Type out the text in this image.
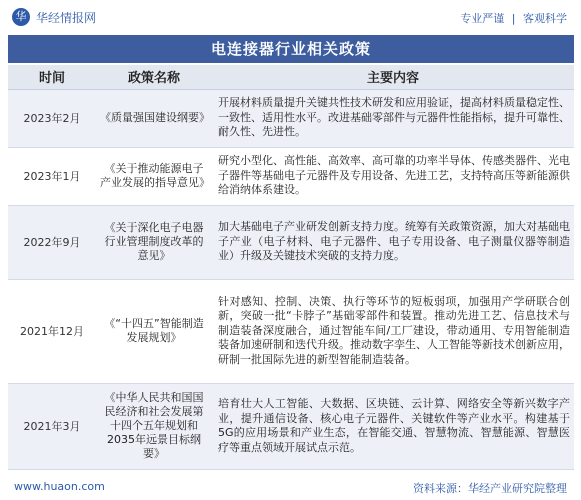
华 华经情报网	专业严谨 | 客观科学
电连接器行业相关政策
时间	政策名称	主要内容
2023年2月	《质量强国建设纲要》	开展材料质量提升关键共性技术研发和应用验证，提高材料质量稳定性、一致性、适用性水平。改进基础零部件与元器件性能指标，提升可靠性、耐久性、先进性。
2023年1月	《关于推动能源电子产业发展的指导意见》	研究小型化、高性能、高效率、高可靠的功率半导体、传感类器件、光电子器件等基础电子元器件及专用设备、先进工艺，支持特高压等新能源供给消纳体系建设。
2022年9月	《关于深化电子电器行业管理制度改革的意见》	加大基础电子产业研发创新支持力度。统筹有关政策资源，加大对基础电子产业（电子材料、电子元器件、电子专用设备、电子测量仪器等制造业）升级及关键技术突破的支持力度。
2021年12月	《“十四五”智能制造发展规划》	针对感知、控制、决策、执行等环节的短板弱项，加强用产学研联合创新，突破一批“卡脖子”基础零部件和装置。推动先进工艺、信息技术与制造装备深度融合，通过智能车间/工厂建设，带动通用、专用智能制造装备加速研制和迭代升级。推动数字孪生、人工智能等新技术创新应用，研制一批国际先进的新型智能制造装备。
2021年3月	《中华人民共和国国民经济和社会发展第十四个五年规划和2035年远景目标纲要》	培育壮大人工智能、大数据、区块链、云计算、网络安全等新兴数字产业，提升通信设备、核心电子元器件、关键软件等产业水平。构建基于5G的应用场景和产业生态，在智能交通、智慧物流、智慧能源、智慧医疗等重点领域开展试点示范。
www.huaon.com	资料来源：华经产业研究院整理
